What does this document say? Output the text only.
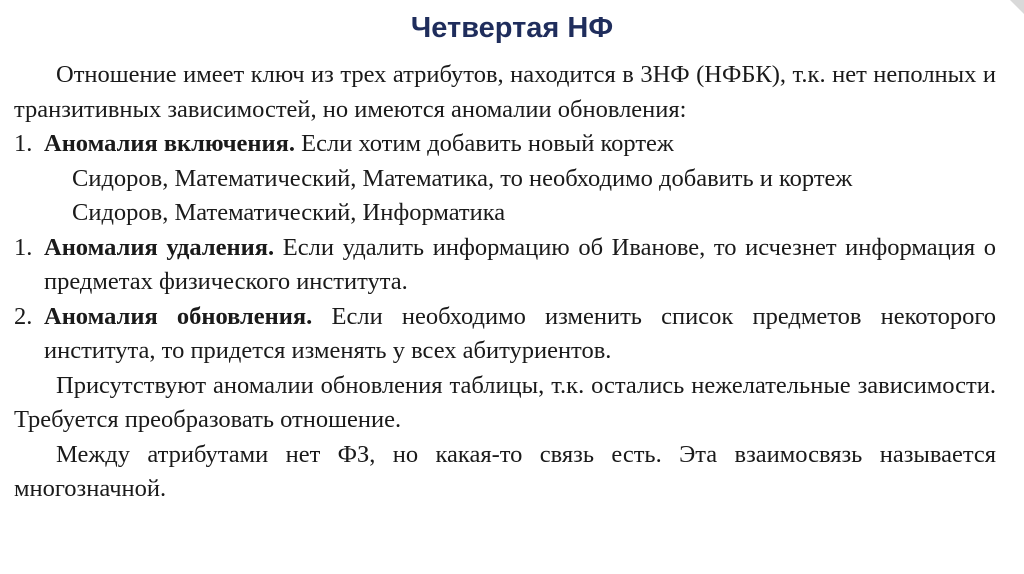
Четвертая НФ

Отношение имеет ключ из трех атрибутов, находится в 3НФ (НФБК), т.к. нет неполных и транзитивных зависимостей, но имеются аномалии обновления:

1. Аномалия включения. Если хотим добавить новый кортеж

Сидоров, Математический, Математика, то необходимо добавить и кортеж

Сидоров, Математический, Информатика

1. Аномалия удаления. Если удалить информацию об Иванове, то исчезнет информация о предметах физического института.
2. Аномалия обновления. Если необходимо изменить список предметов некоторого института, то придется изменять у всех абитуриентов.

Присутствуют аномалии обновления таблицы, т.к. остались нежелательные зависимости. Требуется преобразовать отношение.

Между атрибутами нет ФЗ, но какая-то связь есть. Эта взаимосвязь называется многозначной.
